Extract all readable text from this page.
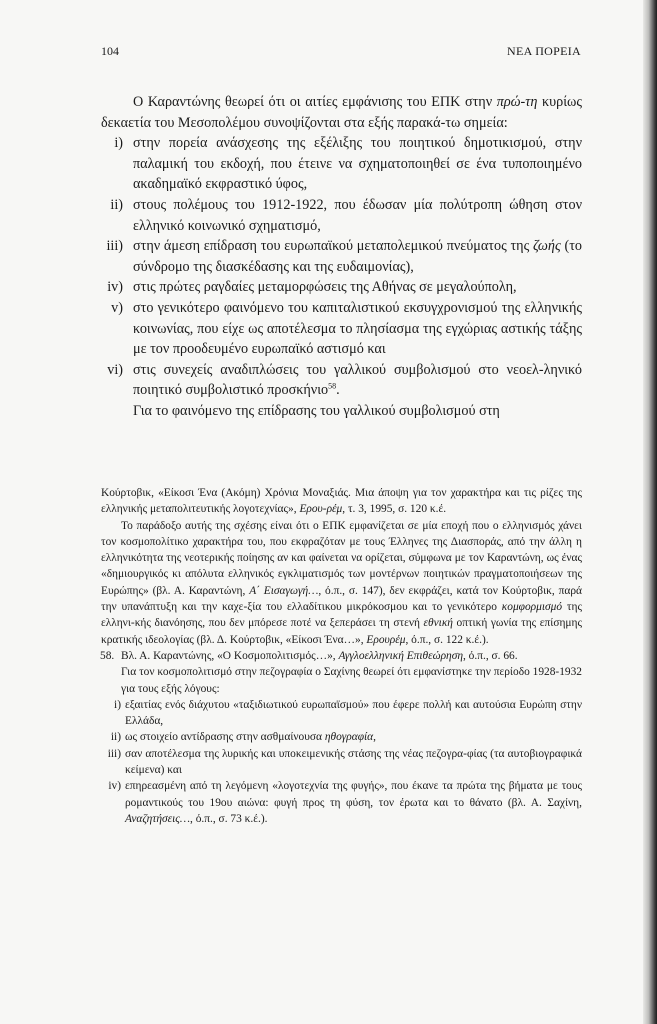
104	ΝΕΑ ΠΟΡΕΙΑ

Ο Καραντώνης θεωρεί ότι οι αιτίες εμφάνισης του ΕΠΚ στην πρώ-τη κυρίως δεκαετία του Μεσοπολέμου συνοψίζονται στα εξής παρακά-τω σημεία:

i) στην πορεία ανάσχεσης της εξέλιξης του ποιητικού δημοτικισμού, στην παλαμική του εκδοχή, που έτεινε να σχηματοποιηθεί σε ένα τυποποιημένο ακαδημαϊκό εκφραστικό ύφος,
ii) στους πολέμους του 1912-1922, που έδωσαν μία πολύτροπη ώθηση στον ελληνικό κοινωνικό σχηματισμό,
iii) στην άμεση επίδραση του ευρωπαϊκού μεταπολεμικού πνεύματος της ζωής (το σύνδρομο της διασκέδασης και της ευδαιμονίας),
iv) στις πρώτες ραγδαίες μεταμορφώσεις της Αθήνας σε μεγαλούπολη,
v) στο γενικότερο φαινόμενο του καπιταλιστικού εκσυγχρονισμού της ελληνικής κοινωνίας, που είχε ως αποτέλεσμα το πλησίασμα της εγχώριας αστικής τάξης με τον προοδευμένο ευρωπαϊκό αστισμό και
vi) στις συνεχείς αναδιπλώσεις του γαλλικού συμβολισμού στο νεοελ-ληνικό ποιητικό συμβολιστικό προσκήνιο$^{58}$.

Για το φαινόμενο της επίδρασης του γαλλικού συμβολισμού στη

Κούρτοβικ, «Είκοσι Ένα (Ακόμη) Χρόνια Μοναξιάς. Μια άποψη για τον χαρακτήρα και τις ρίζες της ελληνικής μεταπολιτευτικής λογοτεχνίας», Ερου-ρέμ, τ. 3, 1995, σ. 120 κ.έ.

Το παράδοξο αυτής της σχέσης είναι ότι ο ΕΠΚ εμφανίζεται σε μία εποχή που ο ελληνισμός χάνει τον κοσμοπολίτικο χαρακτήρα του, που εκφραζόταν με τους Έλληνες της Διασποράς, από την άλλη η ελληνικότητα της νεοτερικής ποίησης αν και φαίνεται να ορίζεται, σύμφωνα με τον Καραντώνη, ως ένας «δημιουργικός κι απόλυτα ελληνικός εγκλιματισμός των μοντέρνων ποιητικών πραγματοποιήσεων της Ευρώπης» (βλ. Α. Καραντώνη, Α΄ Εισαγωγή…, ό.π., σ. 147), δεν εκφράζει, κατά τον Κούρτοβικ, παρά την υπανάπτυξη και την καχε-ξία του ελλαδίτικου μικρόκοσμου και το γενικότερο κομφορμισμό της ελληνι-κής διανόησης, που δεν μπόρεσε ποτέ να ξεπεράσει τη στενή εθνική οπτική γωνία της επίσημης κρατικής ιδεολογίας (βλ. Δ. Κούρτοβικ, «Είκοσι Ένα…», Ερουρέμ, ό.π., σ. 122 κ.έ.).

58. Βλ. Α. Καραντώνης, «Ο Κοσμοπολιτισμός…», Αγγλοελληνική Επιθεώρηση, ό.π., σ. 66.

Για τον κοσμοπολιτισμό στην πεζογραφία ο Σαχίνης θεωρεί ότι εμφανίστηκε την περίοδο 1928-1932 για τους εξής λόγους:

i) εξαιτίας ενός διάχυτου «ταξιδιωτικού ευρωπαϊσμού» που έφερε πολλή και αυτούσια Ευρώπη στην Ελλάδα,
ii) ως στοιχείο αντίδρασης στην ασθμαίνουσα ηθογραφία,
iii) σαν αποτέλεσμα της λυρικής και υποκειμενικής στάσης της νέας πεζογρα-φίας (τα αυτοβιογραφικά κείμενα) και
iv) επηρεασμένη από τη λεγόμενη «λογοτεχνία της φυγής», που έκανε τα πρώτα της βήματα με τους ρομαντικούς του 19ου αιώνα: φυγή προς τη φύση, τον έρωτα και το θάνατο (βλ. Α. Σαχίνη, Αναζητήσεις…, ό.π., σ. 73 κ.έ.).
